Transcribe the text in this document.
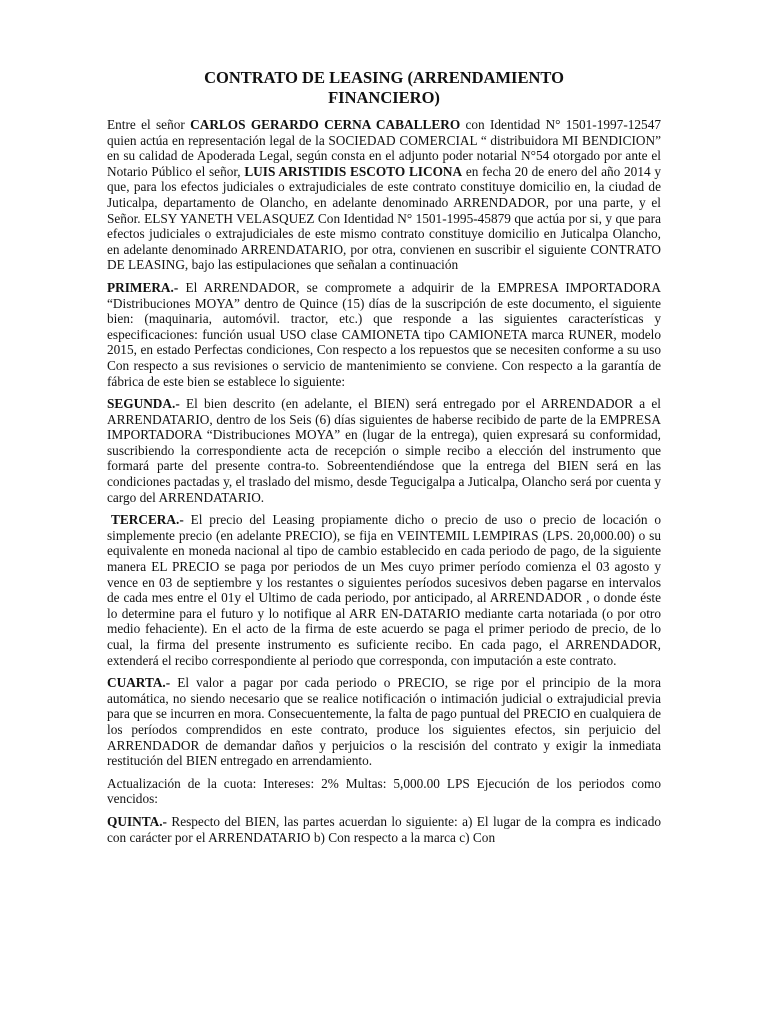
CONTRATO DE LEASING (ARRENDAMIENTO FINANCIERO)
Entre el señor CARLOS GERARDO CERNA CABALLERO con Identidad N° 1501-1997-12547 quien actúa en representación legal de la SOCIEDAD COMERCIAL “ distribuidora MI BENDICION” en su calidad de Apoderada Legal, según consta en el adjunto poder notarial N°54 otorgado por ante el Notario Público el señor, LUIS ARISTIDIS ESCOTO LICONA en fecha 20 de enero del año 2014 y que, para los efectos judiciales o extrajudiciales de este contrato constituye domicilio en, la ciudad de Juticalpa, departamento de Olancho, en adelante denominado ARRENDADOR, por una parte, y el Señor. ELSY YANETH VELASQUEZ Con Identidad N° 1501-1995-45879 que actúa por si, y que para efectos judiciales o extrajudiciales de este mismo contrato constituye domicilio en Juticalpa Olancho, en adelante denominado ARRENDATARIO, por otra, convienen en suscribir el siguiente CONTRATO DE LEASING, bajo las estipulaciones que señalan a continuación
PRIMERA.- El ARRENDADOR, se compromete a adquirir de la EMPRESA IMPORTADORA “Distribuciones MOYA” dentro de Quince (15) días de la suscripción de este documento, el siguiente bien: (maquinaria, automóvil. tractor, etc.) que responde a las siguientes características y especificaciones: función usual USO clase CAMIONETA tipo CAMIONETA marca RUNER, modelo 2015, en estado Perfectas condiciones, Con respecto a los repuestos que se necesiten conforme a su uso Con respecto a sus revisiones o servicio de mantenimiento se conviene. Con respecto a la garantía de fábrica de este bien se establece lo siguiente:
SEGUNDA.- El bien descrito (en adelante, el BIEN) será entregado por el ARRENDADOR a el ARRENDATARIO, dentro de los Seis (6) días siguientes de haberse recibido de parte de la EMPRESA IMPORTADORA “Distribuciones MOYA” en (lugar de la entrega), quien expresará su conformidad, suscribiendo la correspondiente acta de recepción o simple recibo a elección del instrumento que formará parte del presente contra-to. Sobreentendiéndose que la entrega del BIEN será en las condiciones pactadas y, el traslado del mismo, desde Tegucigalpa a Juticalpa, Olancho será por cuenta y cargo del ARRENDATARIO.
TERCERA.- El precio del Leasing propiamente dicho o precio de uso o precio de locación o simplemente precio (en adelante PRECIO), se fija en VEINTEMIL LEMPIRAS (LPS. 20,000.00) o su equivalente en moneda nacional al tipo de cambio establecido en cada periodo de pago, de la siguiente manera EL PRECIO se paga por periodos de un Mes cuyo primer período comienza el 03 agosto y vence en 03 de septiembre y los restantes o siguientes períodos sucesivos deben pagarse en intervalos de cada mes entre el 01y el Ultimo de cada periodo, por anticipado, al ARRENDADOR , o donde éste lo determine para el futuro y lo notifique al ARR EN-DATARIO mediante carta notariada (o por otro medio fehaciente). En el acto de la firma de este acuerdo se paga el primer periodo de precio, de lo cual, la firma del presente instrumento es suficiente recibo. En cada pago, el ARRENDADOR, extenderá el recibo correspondiente al periodo que corresponda, con imputación a este contrato.
CUARTA.- El valor a pagar por cada periodo o PRECIO, se rige por el principio de la mora automática, no siendo necesario que se realice notificación o intimación judicial o extrajudicial previa para que se incurren en mora. Consecuentemente, la falta de pago puntual del PRECIO en cualquiera de los períodos comprendidos en este contrato, produce los siguientes efectos, sin perjuicio del ARRENDADOR de demandar daños y perjuicios o la rescisión del contrato y exigir la inmediata restitución del BIEN entregado en arrendamiento.
Actualización de la cuota: Intereses: 2% Multas: 5,000.00 LPS Ejecución de los periodos como vencidos:
QUINTA.- Respecto del BIEN, las partes acuerdan lo siguiente: a) El lugar de la compra es indicado con carácter por el ARRENDATARIO b) Con respecto a la marca c) Con
